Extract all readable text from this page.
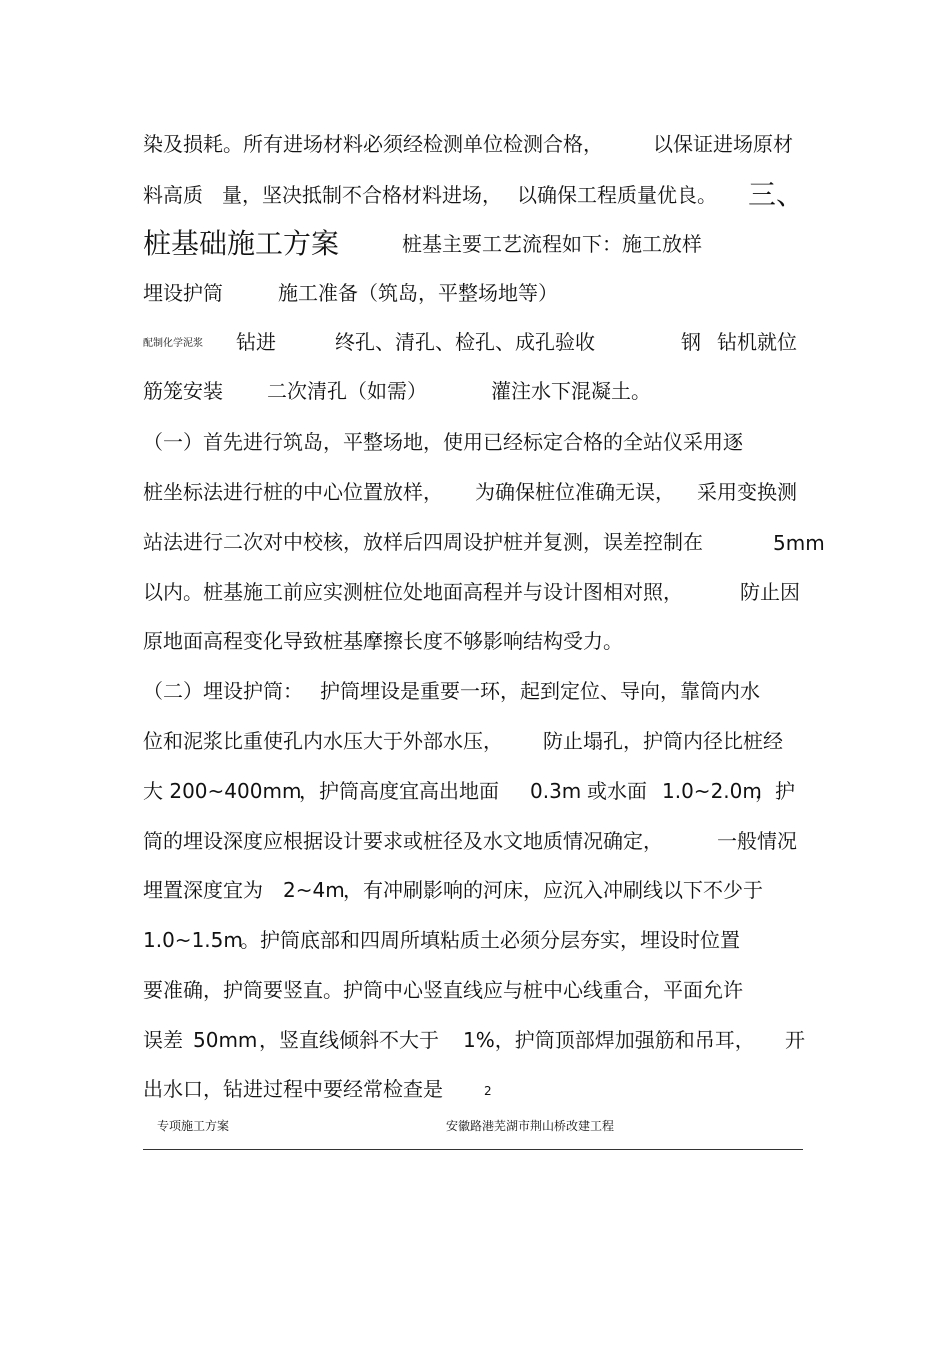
染及损耗。所有进场材料必须经检测单位检测合格，	以保证进场原材
料高质 量，坚决抵制不合格材料进场， 以确保工程质量优良。 三、
桩基础施工方案	桩基主要工艺流程如下：施工放样
埋设护筒	施工准备（筑岛，平整场地等）
配制化学泥浆 钻进	终孔、清孔、检孔、成孔验收	钢 钻机就位
筋笼安装 二次清孔（如需）	灌注水下混凝土。
（一）首先进行筑岛，平整场地，使用已经标定合格的全站仪采用逐
桩坐标法进行桩的中心位置放样， 为确保桩位准确无误， 采用变换测
站法进行二次对中校核，放样后四周设护桩并复测，误差控制在	5mm
以内。桩基施工前应实测桩位处地面高程并与设计图相对照，	防止因
原地面高程变化导致桩基摩擦长度不够影响结构受力。
（二）埋设护筒： 护筒埋设是重要一环，起到定位、导向，靠筒内水
位和泥浆比重使孔内水压大于外部水压， 防止塌孔，护筒内径比桩经
大 200~400mm
，护筒高度宜高出地面 0.3m 或水面 1.0~2.0m
，护
筒的埋设深度应根据设计要求或桩径及水文地质情况确定，	一般情况
埋置深度宜为 2~4m
，有冲刷影响的河床，应沉入冲刷线以下不少于
1.0~1.5m
。护筒底部和四周所填粘质土必须分层夯实，埋设时位置
要准确，护筒要竖直。护筒中心竖直线应与桩中心线重合，平面允许
误差 50mm ，竖直线倾斜不大于 1%，护筒顶部焊加强筋和吊耳， 开
出水口，钻进过程中要经常检查是	2
专项施工方案	安徽路港芜湖市荆山桥改建工程
